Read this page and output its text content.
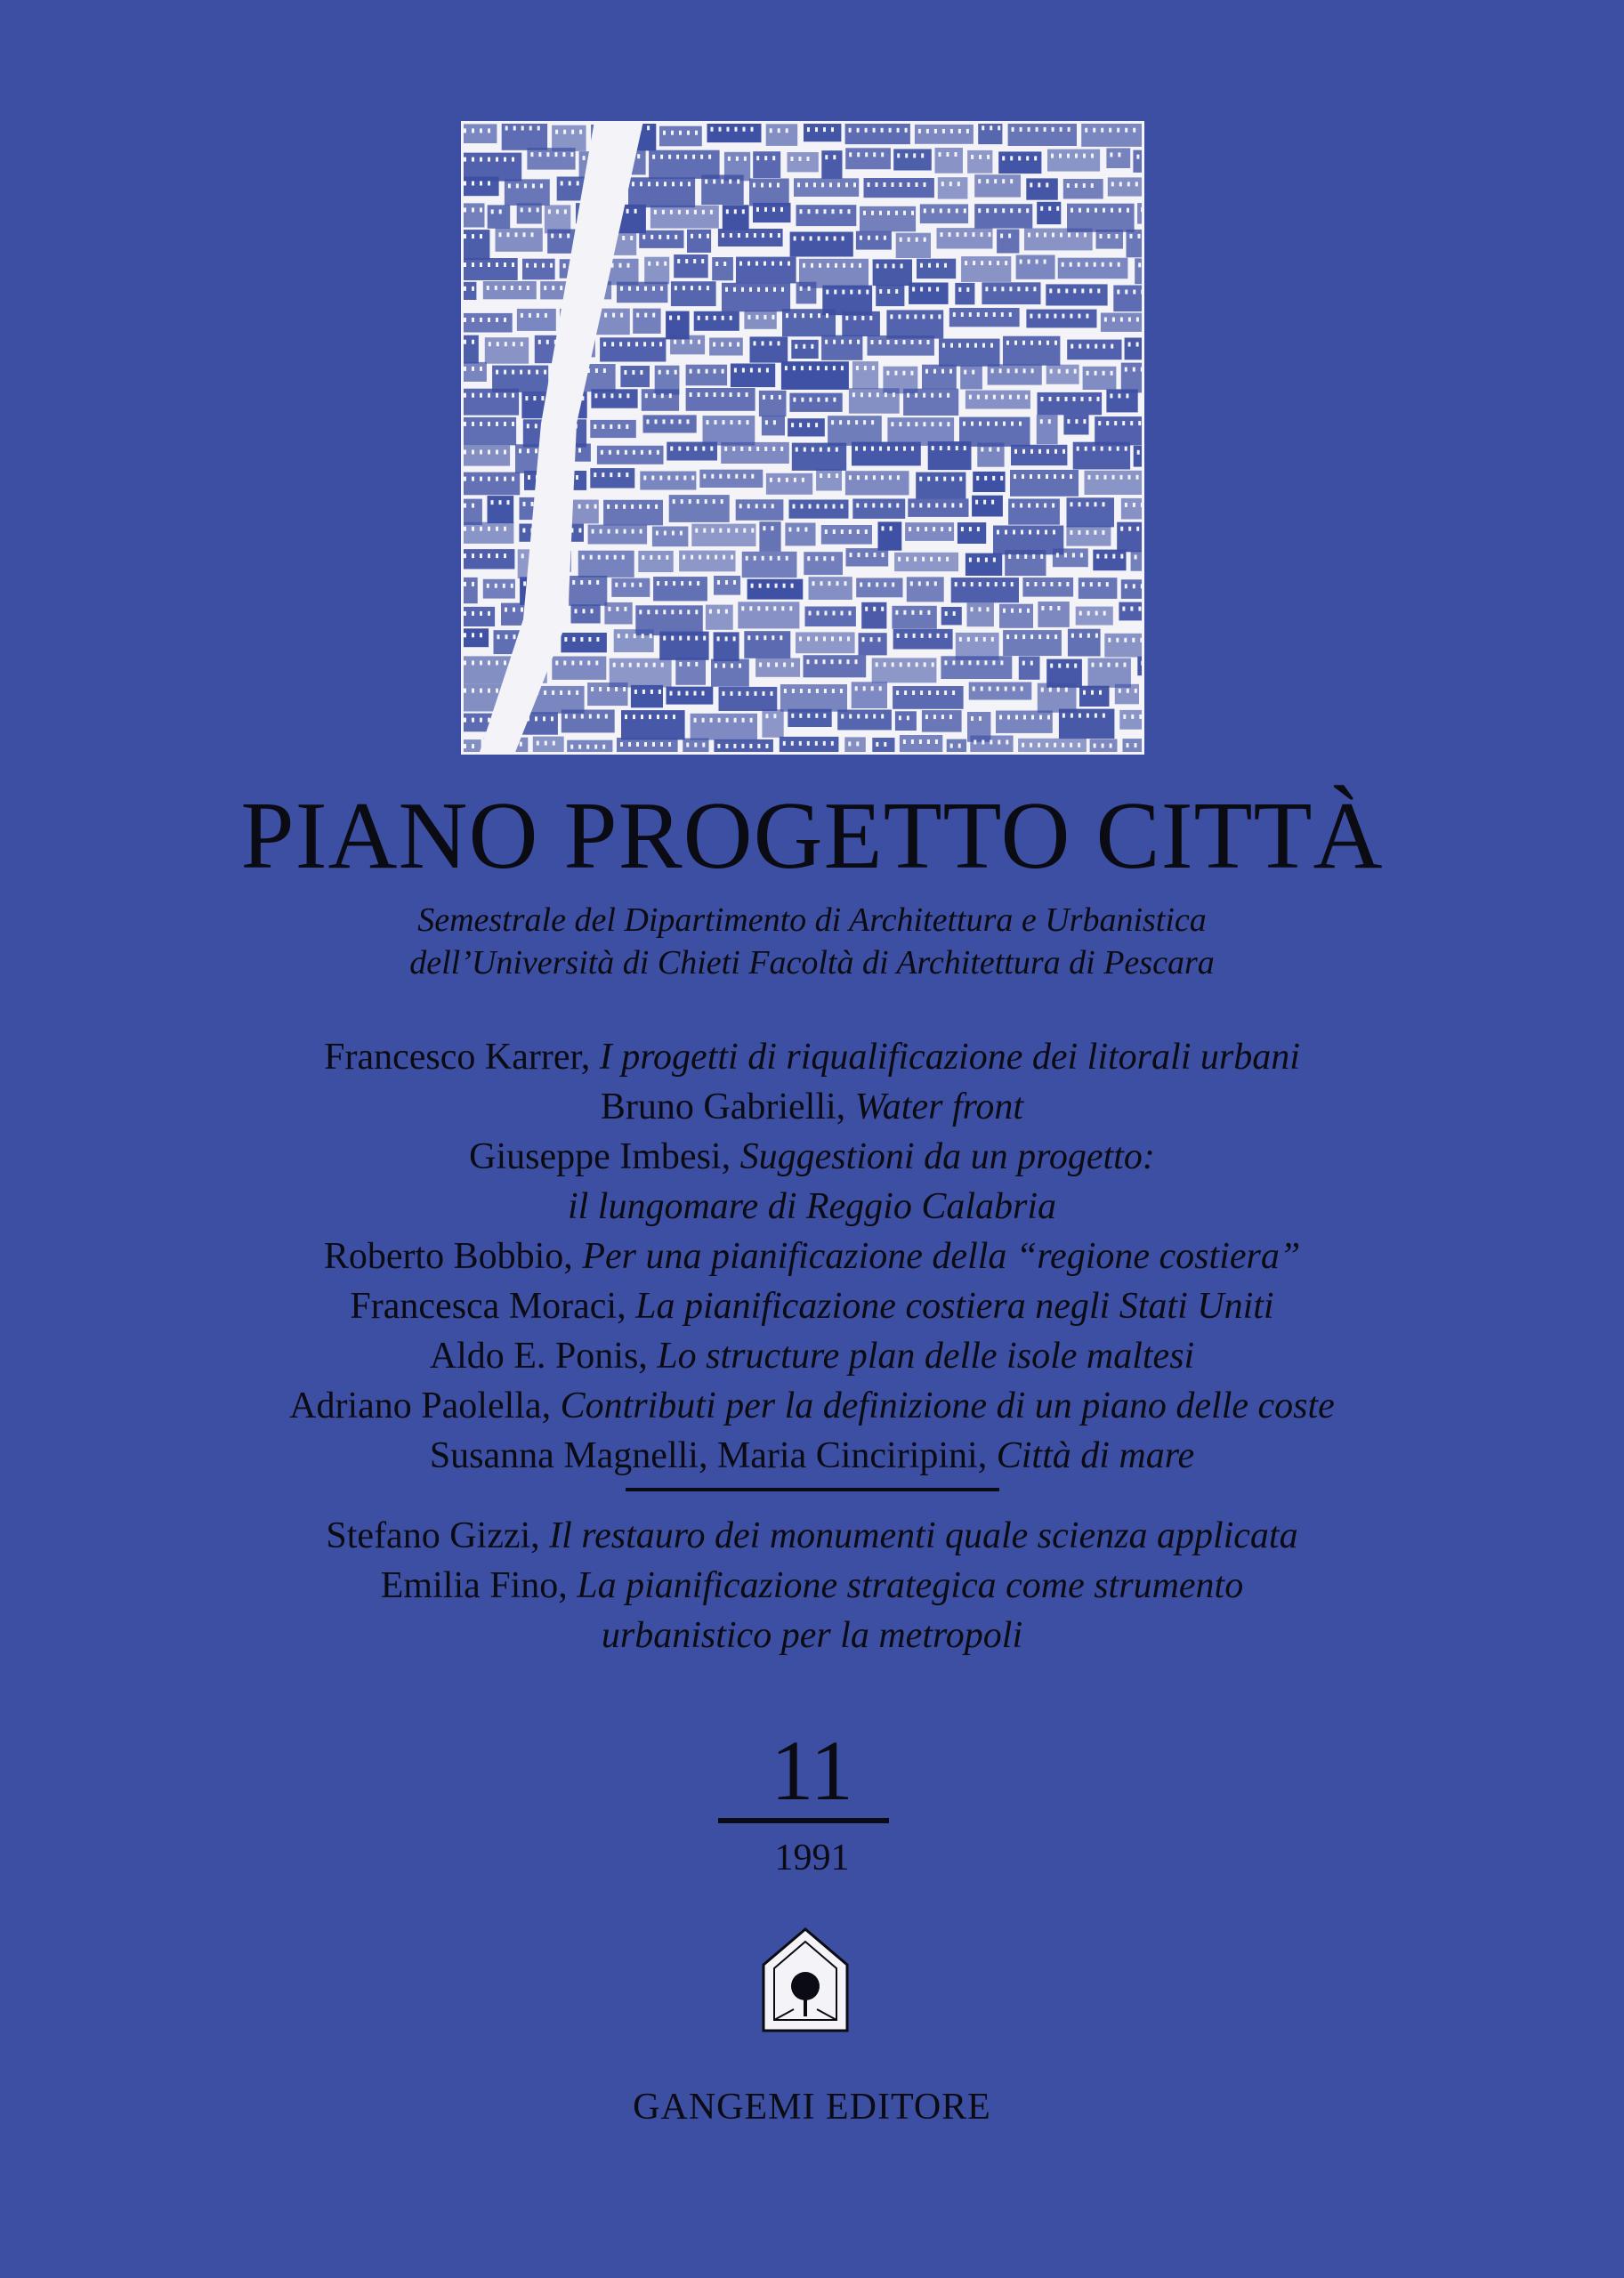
PIANO PROGETTO CITTÀ
Semestrale del Dipartimento di Architettura e Urbanistica
dell’Università di Chieti Facoltà di Architettura di Pescara
Francesco Karrer, I progetti di riqualificazione dei litorali urbani
Bruno Gabrielli, Water front
Giuseppe Imbesi, Suggestioni da un progetto:
il lungomare di Reggio Calabria
Roberto Bobbio, Per una pianificazione della “regione costiera”
Francesca Moraci, La pianificazione costiera negli Stati Uniti
Aldo E. Ponis, Lo structure plan delle isole maltesi
Adriano Paolella, Contributi per la definizione di un piano delle coste
Susanna Magnelli, Maria Cinciripini, Città di mare
Stefano Gizzi, Il restauro dei monumenti quale scienza applicata
Emilia Fino, La pianificazione strategica come strumento
urbanistico per la metropoli
11
1991
GANGEMI EDITORE
